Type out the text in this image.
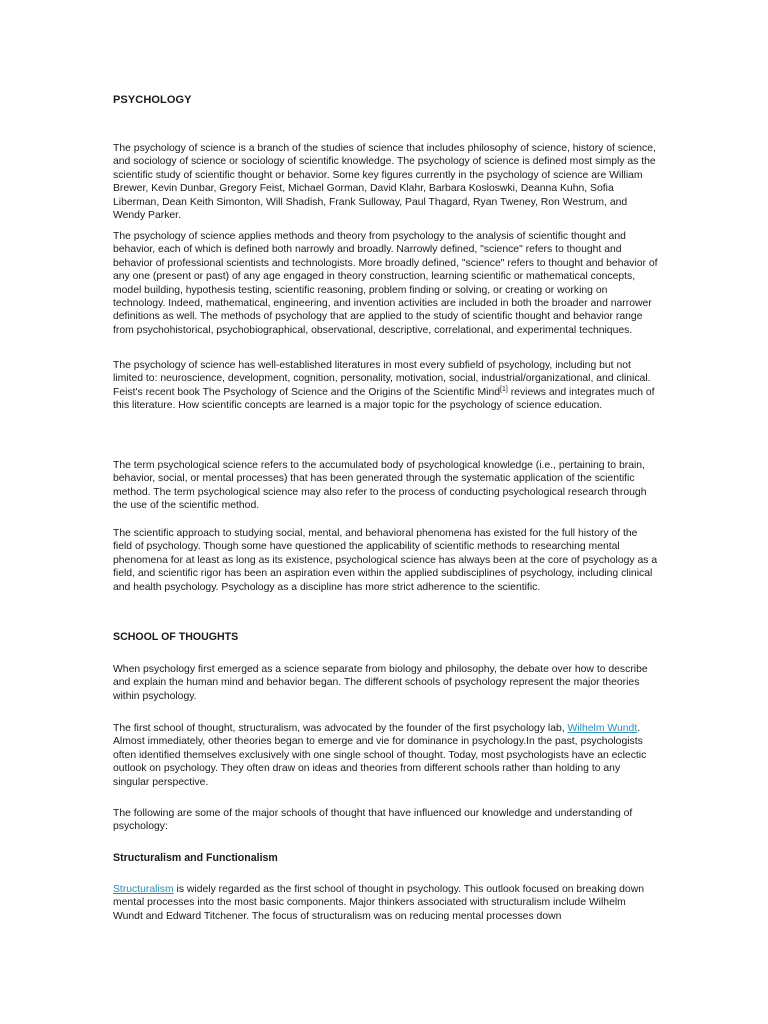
PSYCHOLOGY

The psychology of science is a branch of the studies of science that includes philosophy of science, history of science, and sociology of science or sociology of scientific knowledge. The psychology of science is defined most simply as the scientific study of scientific thought or behavior. Some key figures currently in the psychology of science are William Brewer, Kevin Dunbar, Gregory Feist, Michael Gorman, David Klahr, Barbara Kosloswki, Deanna Kuhn, Sofia Liberman, Dean Keith Simonton, Will Shadish, Frank Sulloway, Paul Thagard, Ryan Tweney, Ron Westrum, and Wendy Parker.

The psychology of science applies methods and theory from psychology to the analysis of scientific thought and behavior, each of which is defined both narrowly and broadly. Narrowly defined, "science" refers to thought and behavior of professional scientists and technologists. More broadly defined, "science" refers to thought and behavior of any one (present or past) of any age engaged in theory construction, learning scientific or mathematical concepts, model building, hypothesis testing, scientific reasoning, problem finding or solving, or creating or working on technology. Indeed, mathematical, engineering, and invention activities are included in both the broader and narrower definitions as well. The methods of psychology that are applied to the study of scientific thought and behavior range from psychohistorical, psychobiographical, observational, descriptive, correlational, and experimental techniques.

The psychology of science has well-established literatures in most every subfield of psychology, including but not limited to: neuroscience, development, cognition, personality, motivation, social, industrial/organizational, and clinical. Feist's recent book The Psychology of Science and the Origins of the Scientific Mind[1] reviews and integrates much of this literature. How scientific concepts are learned is a major topic for the psychology of science education.

The term psychological science refers to the accumulated body of psychological knowledge (i.e., pertaining to brain, behavior, social, or mental processes) that has been generated through the systematic application of the scientific method. The term psychological science may also refer to the process of conducting psychological research through the use of the scientific method.

The scientific approach to studying social, mental, and behavioral phenomena has existed for the full history of the field of psychology. Though some have questioned the applicability of scientific methods to researching mental phenomena for at least as long as its existence, psychological science has always been at the core of psychology as a field, and scientific rigor has been an aspiration even within the applied subdisciplines of psychology, including clinical and health psychology. Psychology as a discipline has more strict adherence to the scientific.

SCHOOL OF THOUGHTS

When psychology first emerged as a science separate from biology and philosophy, the debate over how to describe and explain the human mind and behavior began. The different schools of psychology represent the major theories within psychology.

The first school of thought, structuralism, was advocated by the founder of the first psychology lab, Wilhelm Wundt. Almost immediately, other theories began to emerge and vie for dominance in psychology.In the past, psychologists often identified themselves exclusively with one single school of thought. Today, most psychologists have an eclectic outlook on psychology. They often draw on ideas and theories from different schools rather than holding to any singular perspective.

The following are some of the major schools of thought that have influenced our knowledge and understanding of psychology:

Structuralism and Functionalism

Structuralism is widely regarded as the first school of thought in psychology. This outlook focused on breaking down mental processes into the most basic components. Major thinkers associated with structuralism include Wilhelm Wundt and Edward Titchener. The focus of structuralism was on reducing mental processes down
